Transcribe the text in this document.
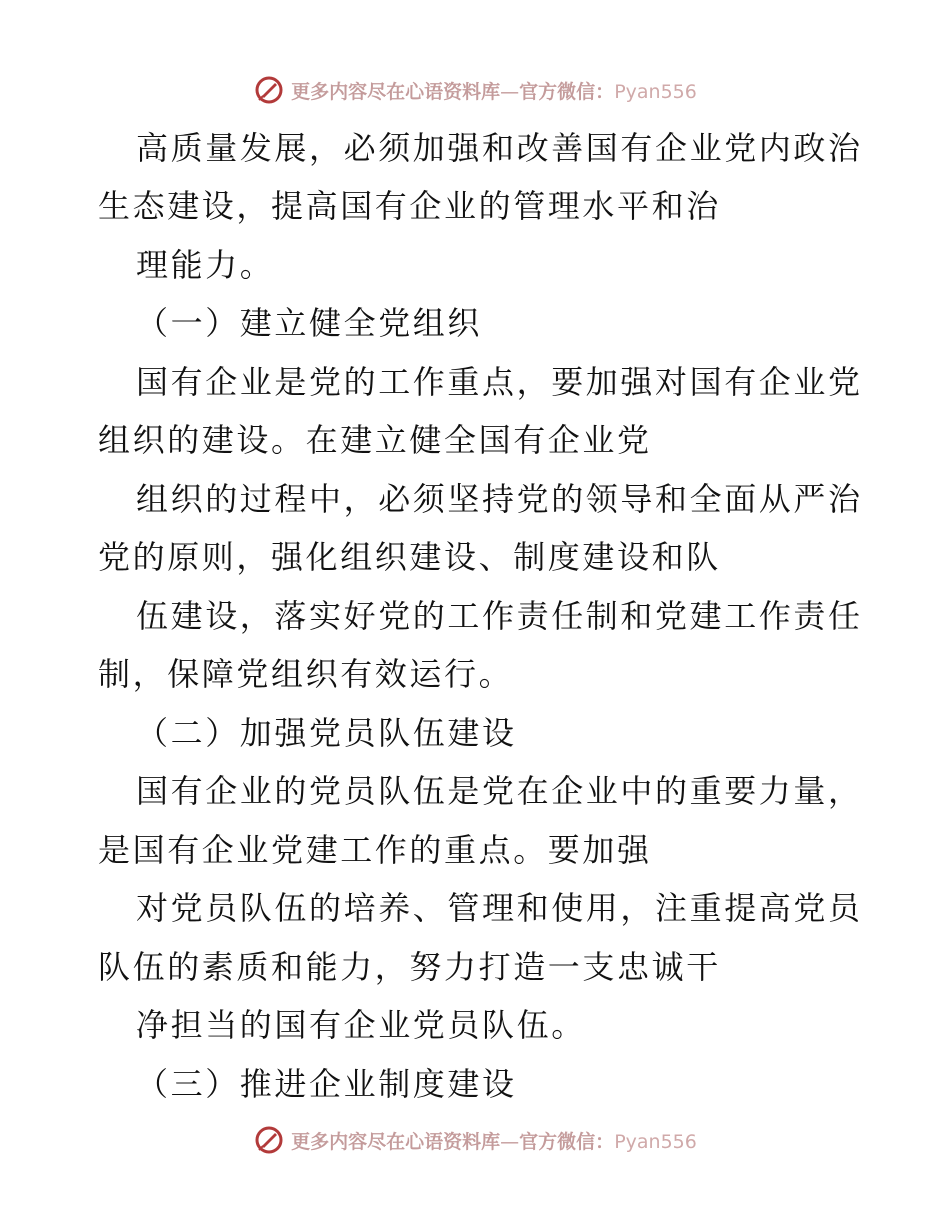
更多内容尽在心语资料库—官方微信：Pyan556
高质量发展，必须加强和改善国有企业党内政治
生态建设，提高国有企业的管理水平和治
理能力。
（一）建立健全党组织
国有企业是党的工作重点，要加强对国有企业党
组织的建设。在建立健全国有企业党
组织的过程中，必须坚持党的领导和全面从严治
党的原则，强化组织建设、制度建设和队
伍建设，落实好党的工作责任制和党建工作责任
制，保障党组织有效运行。
（二）加强党员队伍建设
国有企业的党员队伍是党在企业中的重要力量，
是国有企业党建工作的重点。要加强
对党员队伍的培养、管理和使用，注重提高党员
队伍的素质和能力，努力打造一支忠诚干
净担当的国有企业党员队伍。
（三）推进企业制度建设
更多内容尽在心语资料库—官方微信：Pyan556
